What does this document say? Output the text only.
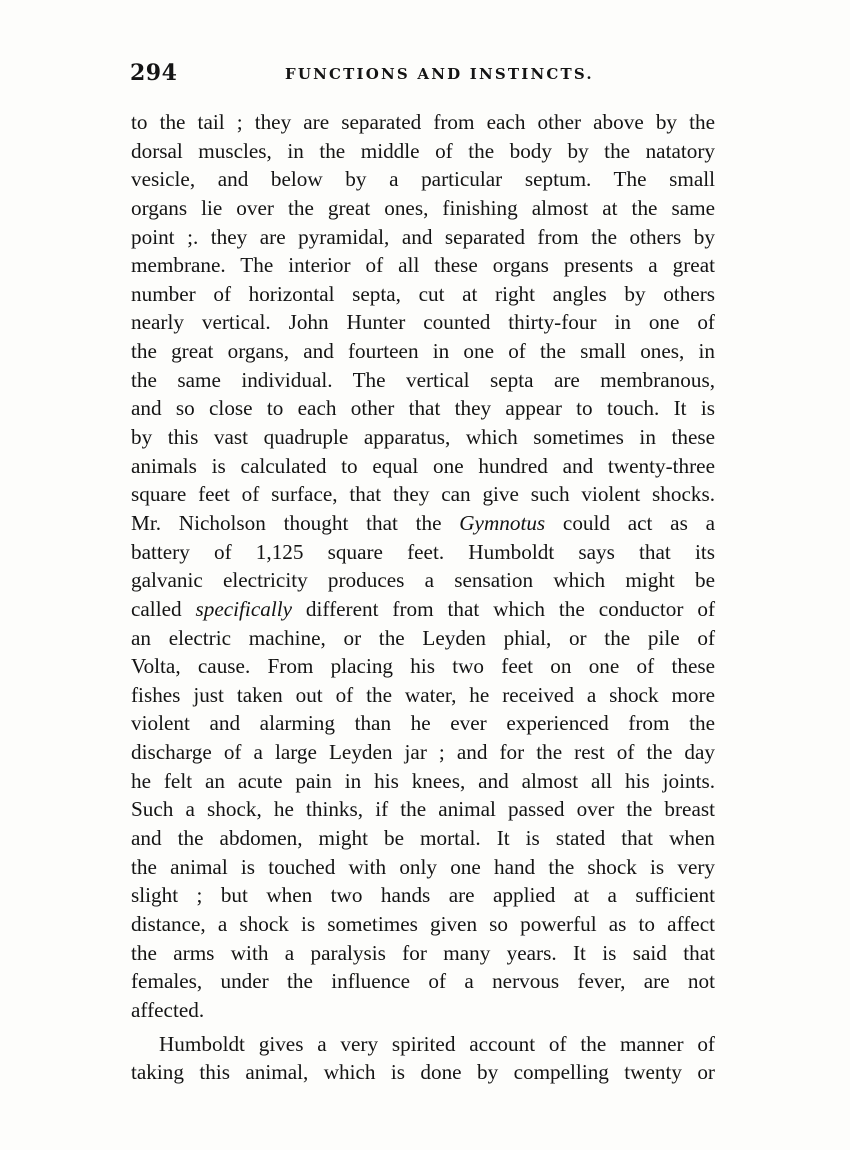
294	FUNCTIONS AND INSTINCTS.
to the tail ; they are separated from each other above by the
dorsal muscles, in the middle of the body by the natatory
vesicle, and below by a particular septum. The small
organs lie over the great ones, finishing almost at the same
point ;. they are pyramidal, and separated from the others by
membrane. The interior of all these organs presents a great
number of horizontal septa, cut at right angles by others
nearly vertical. John Hunter counted thirty-four in one of
the great organs, and fourteen in one of the small ones, in
the same individual. The vertical septa are membranous,
and so close to each other that they appear to touch. It is
by this vast quadruple apparatus, which sometimes in these
animals is calculated to equal one hundred and twenty-three
square feet of surface, that they can give such violent shocks.
Mr. Nicholson thought that the Gymnotus could act as a
battery of 1,125 square feet. Humboldt says that its
galvanic electricity produces a sensation which might be
called specifically different from that which the conductor of
an electric machine, or the Leyden phial, or the pile of
Volta, cause. From placing his two feet on one of these
fishes just taken out of the water, he received a shock more
violent and alarming than he ever experienced from the
discharge of a large Leyden jar ; and for the rest of the day
he felt an acute pain in his knees, and almost all his joints.
Such a shock, he thinks, if the animal passed over the breast
and the abdomen, might be mortal. It is stated that when
the animal is touched with only one hand the shock is very
slight ; but when two hands are applied at a sufficient
distance, a shock is sometimes given so powerful as to affect
the arms with a paralysis for many years. It is said that
females, under the influence of a nervous fever, are not
affected.
Humboldt gives a very spirited account of the manner of
taking this animal, which is done by compelling twenty or
